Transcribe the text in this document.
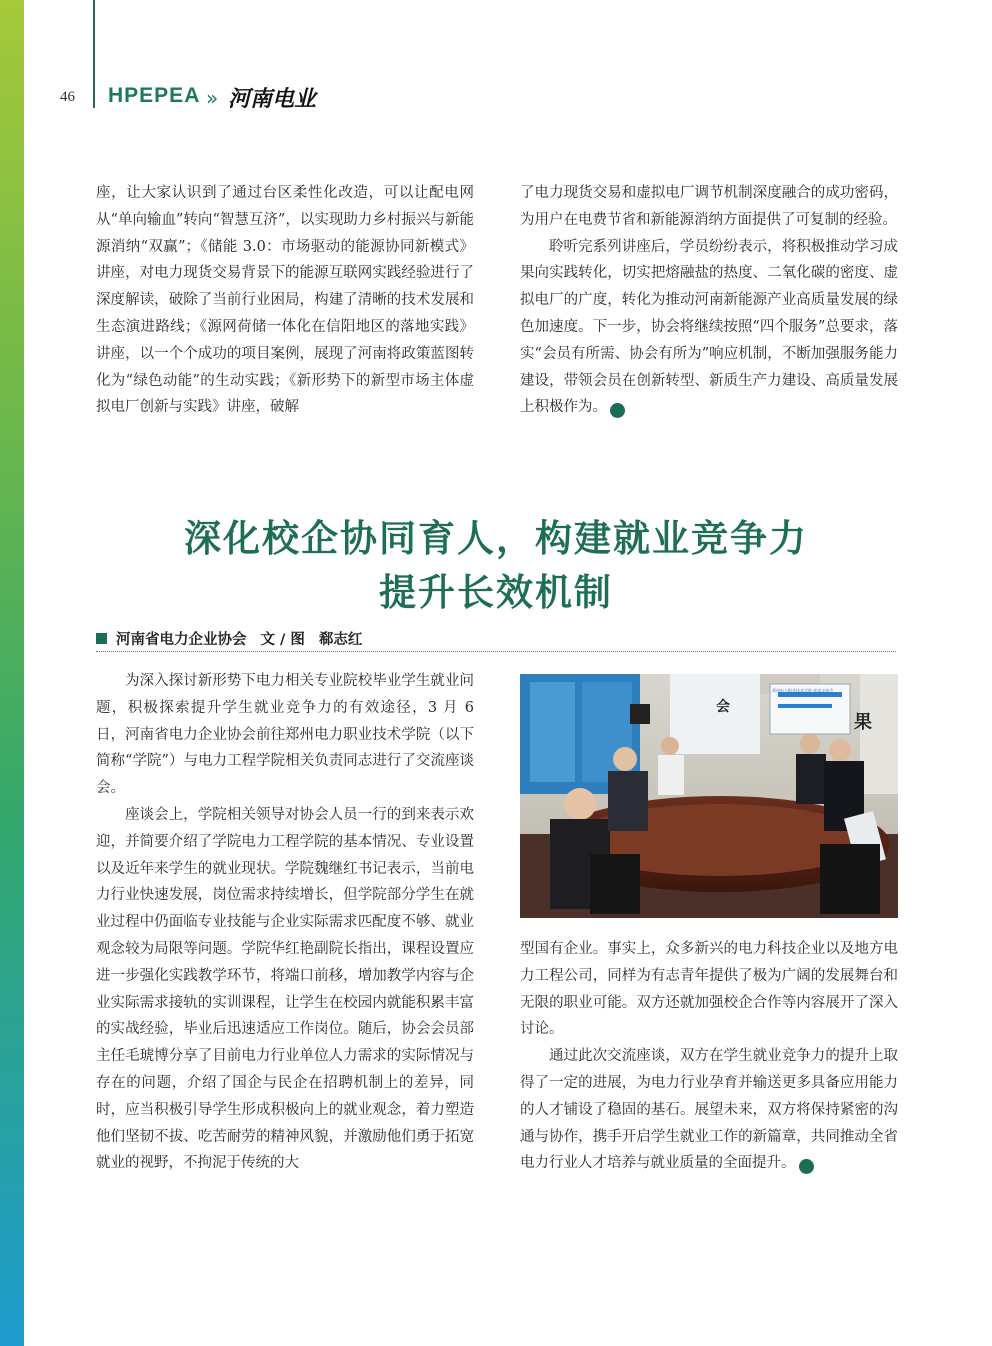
46 HPEPEA » 河南电业

座，让大家认识到了通过台区柔性化改造，可以让配电网从“单向输血”转向“智慧互济”，以实现助力乡村振兴与新能源消纳“双赢”；《储能 3.0：市场驱动的能源协同新模式》讲座，对电力现货交易背景下的能源互联网实践经验进行了深度解读，破除了当前行业困局，构建了清晰的技术发展和生态演进路线；《源网荷储一体化在信阳地区的落地实践》讲座，以一个个成功的项目案例，展现了河南将政策蓝图转化为“绿色动能”的生动实践；《新形势下的新型市场主体虚拟电厂创新与实践》讲座，破解

了电力现货交易和虚拟电厂调节机制深度融合的成功密码，为用户在电费节省和新能源消纳方面提供了可复制的经验。

聆听完系列讲座后，学员纷纷表示，将积极推动学习成果向实践转化，切实把熔融盐的热度、二氧化碳的密度、虚拟电厂的广度，转化为推动河南新能源产业高质量发展的绿色加速度。下一步，协会将继续按照“四个服务”总要求，落实“会员有所需、协会有所为”响应机制，不断加强服务能力建设，带领会员在创新转型、新质生产力建设、高质量发展上积极作为。	电

深化校企协同育人，构建就业竞争力
提升长效机制
河南省电力企业协会 文 / 图 郗志红

为深入探讨新形势下电力相关专业院校毕业学生就业问题，积极探索提升学生就业竞争力的有效途径，3 月 6 日，河南省电力企业协会前往郑州电力职业技术学院（以下简称“学院”）与电力工程学院相关负责同志进行了交流座谈会。

座谈会上，学院相关领导对协会人员一行的到来表示欢迎，并简要介绍了学院电力工程学院的基本情况、专业设置以及近年来学生的就业现状。学院魏继红书记表示，当前电力行业快速发展，岗位需求持续增长，但学院部分学生在就业过程中仍面临专业技能与企业实际需求匹配度不够、就业观念较为局限等问题。学院华红艳副院长指出，课程设置应进一步强化实践教学环节，将端口前移，增加教学内容与企业实际需求接轨的实训课程，让学生在校园内就能积累丰富的实战经验，毕业后迅速适应工作岗位。随后，协会会员部主任毛琥博分享了目前电力行业单位人力需求的实际情况与存在的问题，介绍了国企与民企在招聘机制上的差异，同时，应当积极引导学生形成积极向上的就业观念，着力塑造他们坚韧不拔、吃苦耐劳的精神风貌，并激励他们勇于拓宽就业的视野，不拘泥于传统的大

会
果
郑州电力职业技术学院 座谈交流会

型国有企业。事实上，众多新兴的电力科技企业以及地方电力工程公司，同样为有志青年提供了极为广阔的发展舞台和无限的职业可能。双方还就加强校企合作等内容展开了深入讨论。

通过此次交流座谈，双方在学生就业竞争力的提升上取得了一定的进展，为电力行业孕育并输送更多具备应用能力的人才铺设了稳固的基石。展望未来，双方将保持紧密的沟通与协作，携手开启学生就业工作的新篇章，共同推动全省电力行业人才培养与就业质量的全面提升。	电
